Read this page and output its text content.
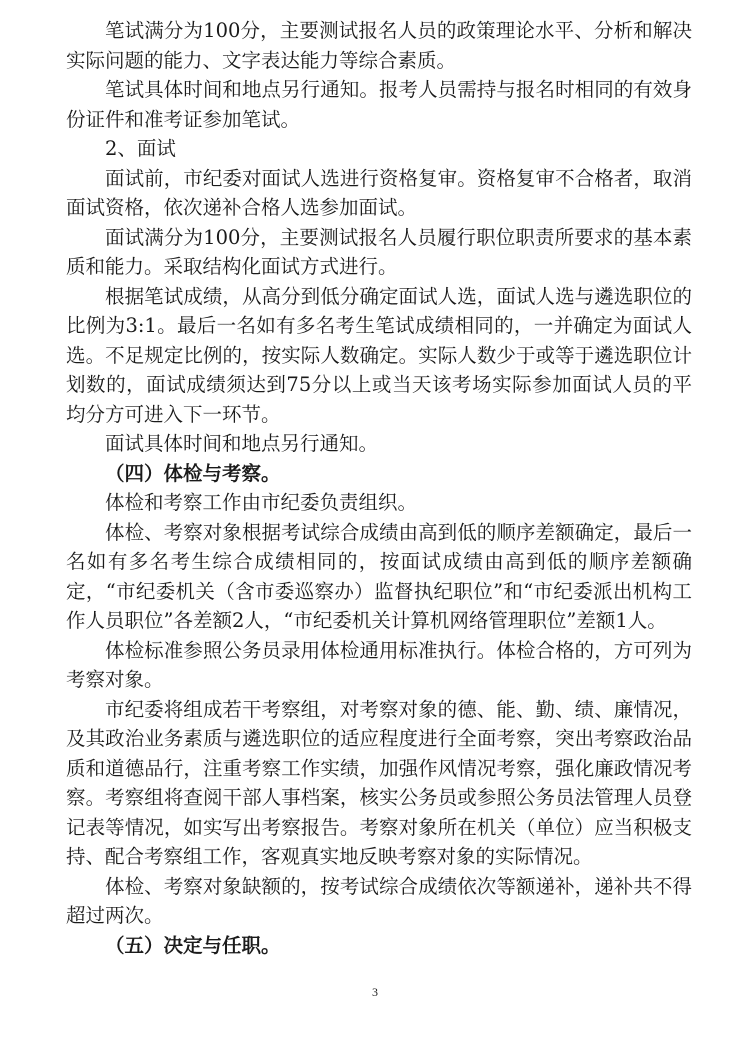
笔试满分为100分，主要测试报名人员的政策理论水平、分析和解决实际问题的能力、文字表达能力等综合素质。

笔试具体时间和地点另行通知。报考人员需持与报名时相同的有效身份证件和准考证参加笔试。

2、面试

面试前，市纪委对面试人选进行资格复审。资格复审不合格者，取消面试资格，依次递补合格人选参加面试。

面试满分为100分，主要测试报名人员履行职位职责所要求的基本素质和能力。采取结构化面试方式进行。

根据笔试成绩，从高分到低分确定面试人选，面试人选与遴选职位的比例为3:1。最后一名如有多名考生笔试成绩相同的，一并确定为面试人选。不足规定比例的，按实际人数确定。实际人数少于或等于遴选职位计划数的，面试成绩须达到75分以上或当天该考场实际参加面试人员的平均分方可进入下一环节。

面试具体时间和地点另行通知。

（四）体检与考察。

体检和考察工作由市纪委负责组织。

体检、考察对象根据考试综合成绩由高到低的顺序差额确定，最后一名如有多名考生综合成绩相同的，按面试成绩由高到低的顺序差额确定，“市纪委机关（含市委巡察办）监督执纪职位”和“市纪委派出机构工作人员职位”各差额2人，“市纪委机关计算机网络管理职位”差额1人。

体检标准参照公务员录用体检通用标准执行。体检合格的，方可列为考察对象。

市纪委将组成若干考察组，对考察对象的德、能、勤、绩、廉情况，及其政治业务素质与遴选职位的适应程度进行全面考察，突出考察政治品质和道德品行，注重考察工作实绩，加强作风情况考察，强化廉政情况考察。考察组将查阅干部人事档案，核实公务员或参照公务员法管理人员登记表等情况，如实写出考察报告。考察对象所在机关（单位）应当积极支持、配合考察组工作，客观真实地反映考察对象的实际情况。

体检、考察对象缺额的，按考试综合成绩依次等额递补，递补共不得超过两次。

（五）决定与任职。

3
